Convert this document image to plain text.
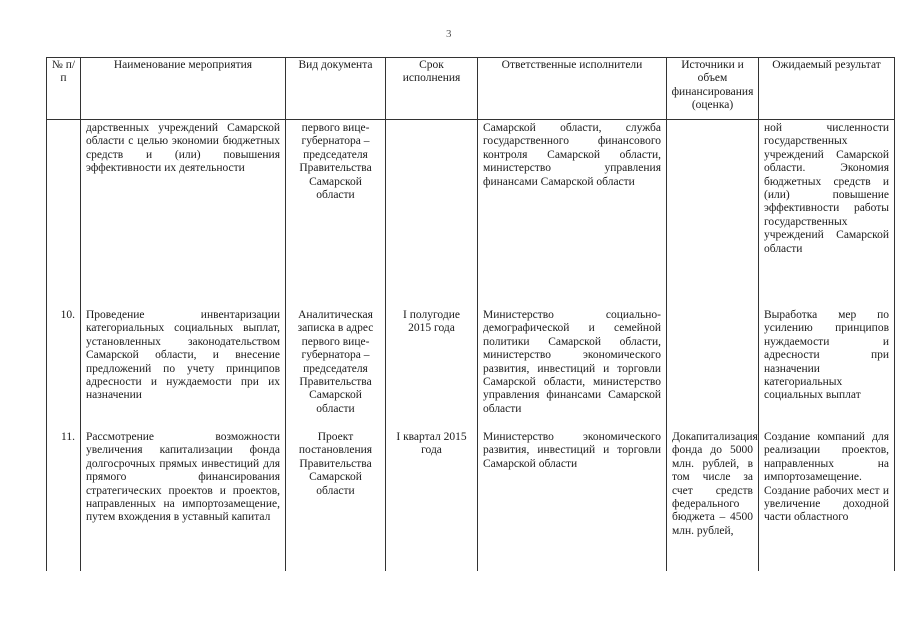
3
№ п/п	Наименование мероприятия	Вид документа	Срок исполнения	Ответственные исполнители	Источники и объем финансирования (оценка)	Ожидаемый результат
	дарственных учреждений Самарской области с целью экономии бюджетных средств и (или) повышения эффективности их деятельности	первого вице-губернатора – председателя Правительства Самарской области		Самарской области, служба государственного финансового контроля Самарской области, министерство управления финансами Самарской области		ной численности государственных учреждений Самарской области. Экономия бюджетных средств и (или) повышение эффективности работы государственных учреждений Самарской области
10.	Проведение инвентаризации категориальных социальных выплат, установленных законодательством Самарской области, и внесение предложений по учету принципов адресности и нуждаемости при их назначении	Аналитическая записка в адрес первого вице-губернатора – председателя Правительства Самарской области	I полугодие 2015 года	Министерство социально-демографической и семейной политики Самарской области, министерство экономического развития, инвестиций и торговли Самарской области, министерство управления финансами Самарской области		Выработка мер по усилению принципов нуждаемости и адресности при назначении категориальных социальных выплат
11.	Рассмотрение возможности увеличения капитализации фонда долгосрочных прямых инвестиций для прямого финансирования стратегических проектов и проектов, направленных на импортозамещение, путем вхождения в уставный капитал	Проект постановления Правительства Самарской области	I квартал 2015 года	Министерство экономического развития, инвестиций и торговли Самарской области	Докапитализация фонда до 5000 млн. рублей, в том числе за счет средств федерального бюджета – 4500 млн. рублей,	Создание компаний для реализации проектов, направленных на импортозамещение. Создание рабочих мест и увеличение доходной части областного
